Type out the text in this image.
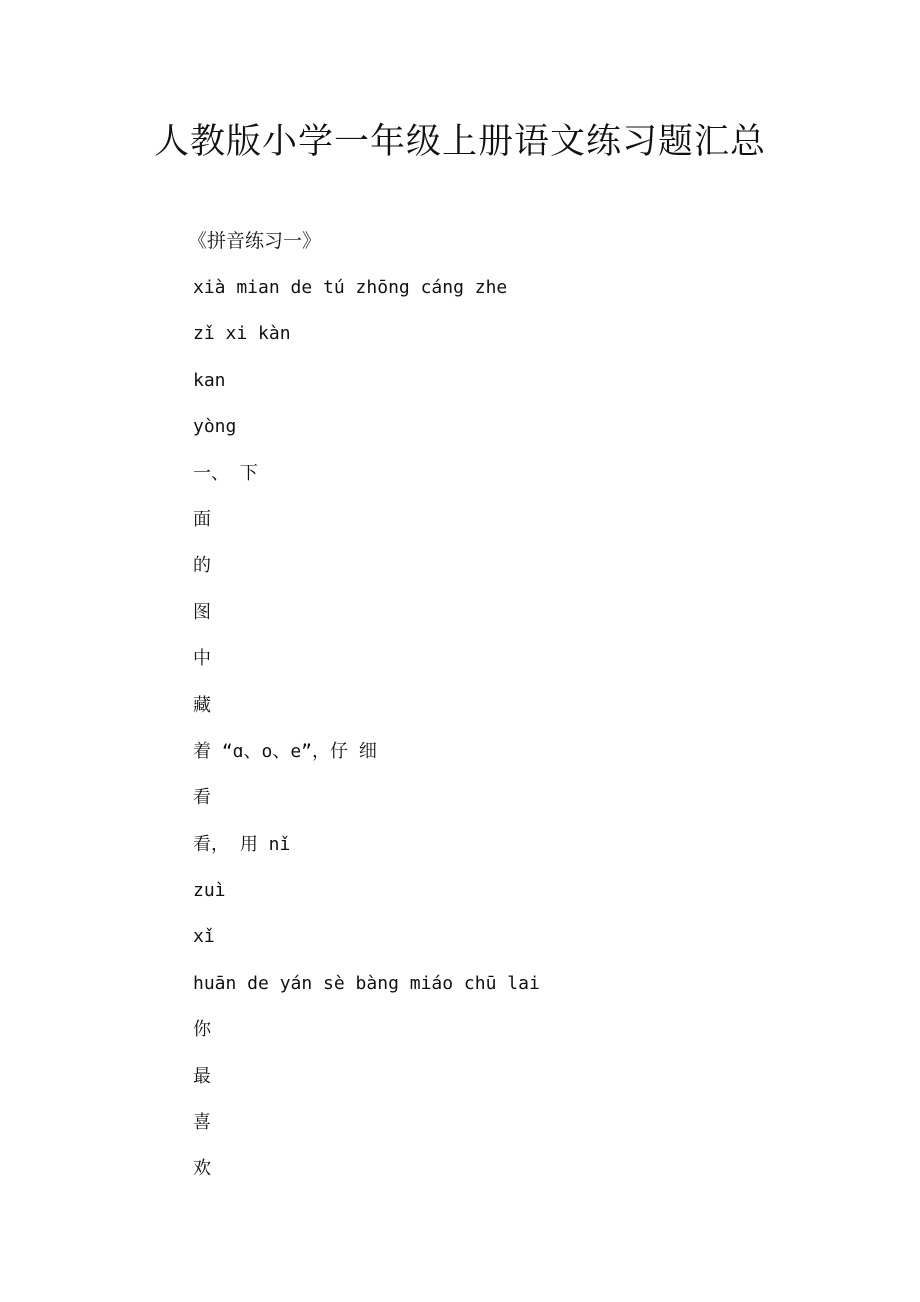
人教版小学一年级上册语文练习题汇总
《拼音练习一》
xià mian de tú zhōng cáng zhe
zǐ xi kàn
kan
yòng
一、 下
面
的
图
中
藏
着 “ɑ、o、e”，仔 细
看
看， 用 nǐ
zuì
xǐ
huān de yán sè bàng miáo chū lai
你
最
喜
欢
